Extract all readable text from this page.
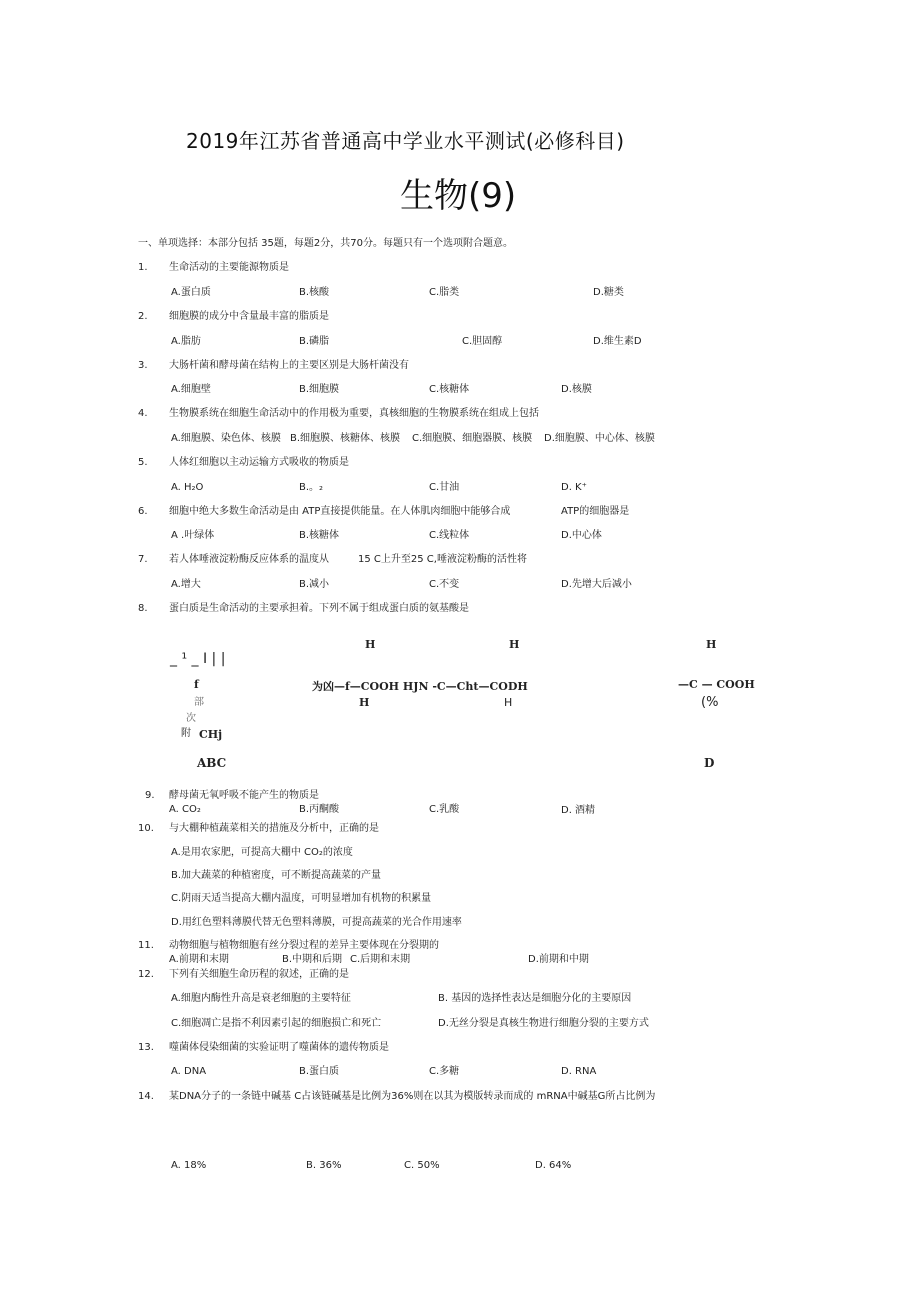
2019年江苏省普通高中学业水平测试(必修科目)
生物(9)
一、单项选择：本部分包括 35题，每题2分，共70分。每题只有一个选项附合题意。
1. 生命活动的主要能源物质是
A.蛋白质	B.核酸	C.脂类	D.糖类
2. 细胞膜的成分中含量最丰富的脂质是
A.脂肪	B.磷脂	C.胆固醇	D.维生素D
3. 大肠杆菌和酵母菌在结构上的主要区别是大肠杆菌没有
A.细胞壁	B.细胞膜	C.核糖体	D.核膜
4. 生物膜系统在细胞生命活动中的作用极为重要，真核细胞的生物膜系统在组成上包括
A.细胞膜、染色体、核膜 B.细胞膜、核糖体、核膜 C.细胞膜、细胞器膜、核膜 D.细胞膜、中心体、核膜
5. 人体红细胞以主动运输方式吸收的物质是
A. H₂O	B.。₂	C.甘油	D. K⁺
6. 细胞中绝大多数生命活动是由 ATP直接提供能量。在人体肌肉细胞中能够合成	ATP的细胞器是
A .叶绿体	B.核糖体	C.线粒体	D.中心体
7. 若人体唾液淀粉酶反应体系的温度从	15 C上升至25 C,唾液淀粉酶的活性将
A.增大	B.减小	C.不变	D.先增大后减小
8. 蛋白质是生命活动的主要承担着。下列不属于组成蛋白质的氨基酸是
H	H	H
_ ¹ _ I | |
f	为凶—f—COOH HJN -C—Cht—CODH	—C — COOH
部	H	H	(%
次
附 CHj
ABC	D
9. 酵母菌无氧呼吸不能产生的物质是
A. CO₂	B.丙酮酸	C.乳酸	D. 酒精
10. 与大棚种植蔬菜相关的措施及分析中，正确的是
A.是用农家肥，可提高大棚中 CO₂的浓度
B.加大蔬菜的种植密度，可不断提高蔬菜的产量
C.阴雨天适当提高大棚内温度，可明显增加有机物的积累量
D.用红色塑料薄膜代替无色塑料薄膜，可提高蔬菜的光合作用速率
11. 动物细胞与植物细胞有丝分裂过程的差异主要体现在分裂期的
A.前期和末期	B.中期和后期 C.后期和末期	D.前期和中期
12. 下列有关细胞生命历程的叙述，正确的是
A.细胞内酶性升高是衰老细胞的主要特征	B. 基因的选择性表达是细胞分化的主要原因
C.细胞凋亡是指不利因素引起的细胞损亡和死亡	D.无丝分裂是真核生物进行细胞分裂的主要方式
13. 噬菌体侵染细菌的实验证明了噬菌体的遗传物质是
A. DNA	B.蛋白质	C.多糖	D. RNA
14. 某DNA分子的一条链中碱基 C占该链碱基是比例为36%则在以其为模版转录而成的 mRNA中碱基G所占比例为
A. 18%	B. 36%	C. 50%	D. 64%
